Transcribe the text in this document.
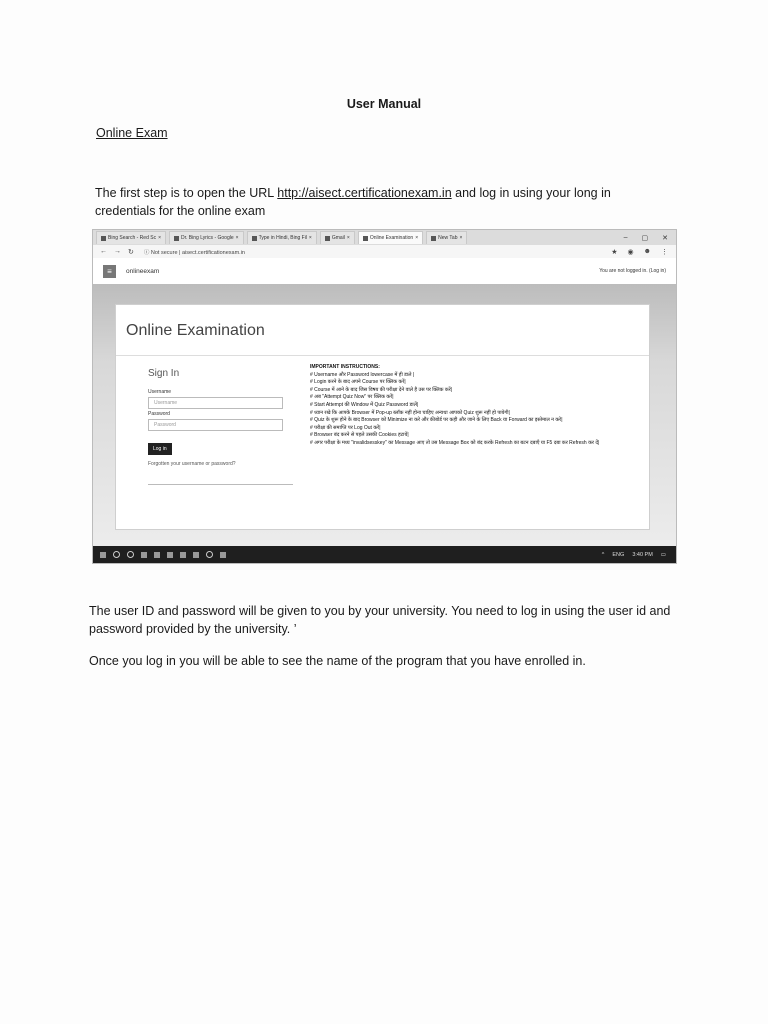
User Manual
Online Exam
The first step is to open the URL http://aisect.certificationexam.in and log in using your long in credentials for the online exam
Bing Search - Red Sc ×	Dr. Bing Lyrics - Google ×	Type in Hindi, Bing Fil ×	Gmail ×	Online Examination ×	New Tab ×	– ▢ ✕
← → ↻ ⓘ Not secure | aisect.certificationexam.in	★ ◉ ☻ ⋮
≡	onlineexam	You are not logged in. (Log in)
Online Examination
Sign In
Username
Username
Password
Password
Log in
Forgotten your username or password?
IMPORTANT INSTRUCTIONS:
# Username और Password lowercase में ही डाले |
# Login करने के बाद अपने Course पर क्लिक करें|
# Course में आने के बाद जिस विषय की परीक्षा देने वाले है उस पर क्लिक करें|
# अब "Attempt Quiz Now" पर क्लिक करें|
# Start Attempt की Window में Quiz Password डालें|
# ध्यान रखे कि आपके Browser में Pop-up ब्लॉक नहीं होना चाहिए अन्यथा आपको Quiz शुरू नहीं हो पायेगी|
# Quiz के शुरू होने के बाद Browser को Minimize ना करे और कीबोर्ड पर कही और जाने के लिए Back या Forward का इस्तेमाल न करे|
# परीक्षा की समाप्ति पर Log Out करें|
# Browser बंद करने से पहले उसकी Cookies हटायें|
# अगर परीक्षा के मध्य "invalidsesskey" का Message आए तो उस Message Box को बंद करके Refresh का बटन दबाएँ या F5 दबा कर Refresh कर दें|
^ ENG 3:40 PM ▭
The user ID and password will be given to you by your university. You need to log in using the user id and password provided by the university. ’
Once you log in you will be able to see the name of the program that you have enrolled in.
